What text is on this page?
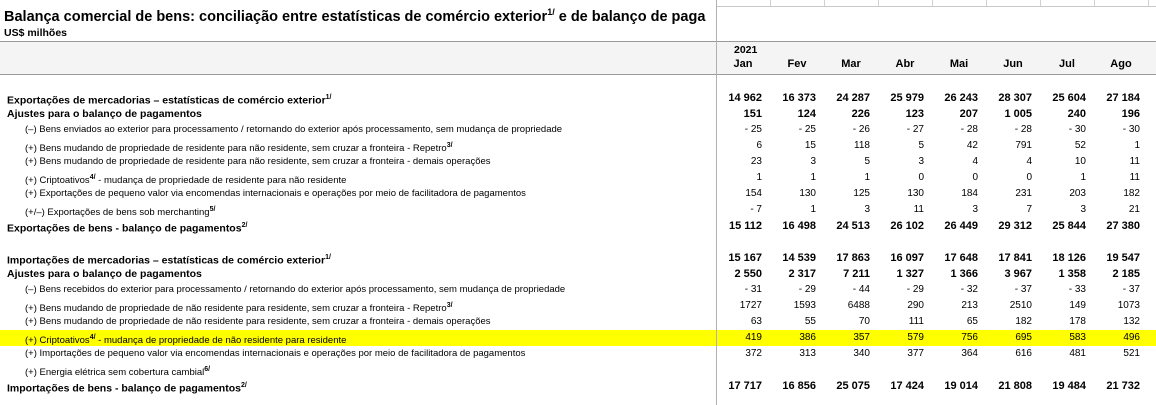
Balança comercial de bens: conciliação entre estatísticas de comércio exterior$^{1/}$ e de balanço de paga
US$ milhões
2021
Jan	Fev	Mar	Abr	Mai	Jun	Jul	Ago
Exportações de mercadorias – estatísticas de comércio exterior$^{1/}$	14 962	16 373	24 287	25 979	26 243	28 307	25 604	27 184
Ajustes para o balanço de pagamentos	151	124	226	123	207	1 005	240	196
(–) Bens enviados ao exterior para processamento / retornando do exterior após processamento, sem mudança de propriedade	- 25	- 25	- 26	- 27	- 28	- 28	- 30	- 30
(+) Bens mudando de propriedade de residente para não residente, sem cruzar a fronteira - Repetro$^{3/}$	6	15	118	5	42	791	52	1
(+) Bens mudando de propriedade de residente para não residente, sem cruzar a fronteira - demais operações	23	3	5	3	4	4	10	11
(+) Criptoativos$^{4/}$ - mudança de propriedade de residente para não residente	1	1	1	0	0	0	1	11
(+) Exportações de pequeno valor via encomendas internacionais e operações por meio de facilitadora de pagamentos	154	130	125	130	184	231	203	182
(+/–) Exportações de bens sob merchanting$^{5/}$	- 7	1	3	11	3	7	3	21
Exportações de bens - balanço de pagamentos$^{2/}$	15 112	16 498	24 513	26 102	26 449	29 312	25 844	27 380
Importações de mercadorias – estatísticas de comércio exterior$^{1/}$	15 167	14 539	17 863	16 097	17 648	17 841	18 126	19 547
Ajustes para o balanço de pagamentos	2 550	2 317	7 211	1 327	1 366	3 967	1 358	2 185
(–) Bens recebidos do exterior para processamento / retornando do exterior após processamento, sem mudança de propriedade	- 31	- 29	- 44	- 29	- 32	- 37	- 33	- 37
(+) Bens mudando de propriedade de não residente para residente, sem cruzar a fronteira - Repetro$^{3/}$	1727	1593	6488	290	213	2510	149	1073
(+) Bens mudando de propriedade de não residente para residente, sem cruzar a fronteira - demais operações	63	55	70	111	65	182	178	132
(+) Criptoativos$^{4/}$ - mudança de propriedade de não residente para residente	419	386	357	579	756	695	583	496
(+) Importações de pequeno valor via encomendas internacionais e operações por meio de facilitadora de pagamentos	372	313	340	377	364	616	481	521
(+) Energia elétrica sem cobertura cambial$^{6/}$
Importações de bens - balanço de pagamentos$^{2/}$	17 717	16 856	25 075	17 424	19 014	21 808	19 484	21 732
